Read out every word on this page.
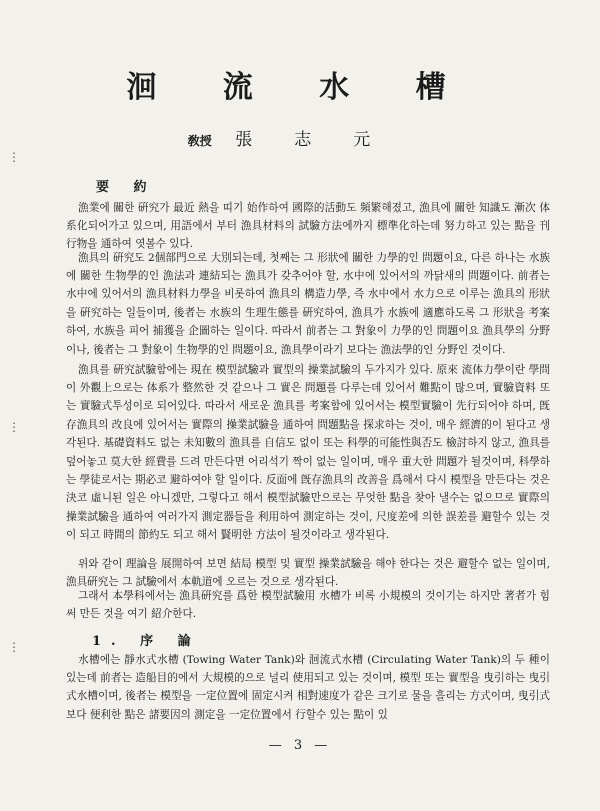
⋮
⋮
⋮
洄 流 水 槽
敎授 張志元
要 約

漁業에 關한 硏究가 最近 熱을 띠기 始作하여 國際的活動도 頻繁해졌고, 漁具에 關한 知識도 漸次 体系化되어가고 있으며, 用語에서 부터 漁具材料의 試驗方法에까지 標準化하는데 努力하고 있는 點을 刊行物을 通하여 엿볼수 있다.

漁具의 硏究도 2個部門으로 大別되는데, 첫째는 그 形狀에 關한 力學的인 問題이요, 다른 하나는 水族에 關한 生物學的인 漁法과 連結되는 漁具가 갖추어야 할, 水中에 있어서의 까닭새의 問題이다. 前者는 水中에 있어서의 漁具材料力學을 비롯하여 漁具의 構造力學, 즉 水中에서 水力으로 이루는 漁具의 形狀을 硏究하는 일들이며, 後者는 水族의 生理生態를 硏究하여, 漁具가 水族에 適應하도록 그 形狀을 考案하여, 水族을 피어 捕獲을 企圖하는 일이다. 따라서 前者는 그 對象이 力學的인 問題이요 漁具學의 分野이나, 後者는 그 對象이 生物學的인 問題이요, 漁具學이라기 보다는 漁法學的인 分野인 것이다.

漁具를 硏究試驗함에는 現在 模型試驗과 實型의 操業試驗의 두가지가 있다. 原來 流体力學이란 學問이 外觀上으로는 体系가 整然한 것 같으나 그 實은 問題를 다루는데 있어서 難點이 많으며, 實驗資料 또는 實驗式투성이로 되어있다. 따라서 새로운 漁具를 考案함에 있어서는 模型實驗이 先行되어야 하며, 旣存漁具의 改良에 있어서는 實際의 操業試驗을 通하여 問題點을 探求하는 것이, 매우 經濟的이 된다고 생각된다. 基礎資料도 없는 未知數의 漁具를 自信도 없이 또는 科學的可能性與否도 檢討하지 않고, 漁具를 덮어놓고 莫大한 經費를 드려 만든다면 어리석기 짝이 없는 일이며, 매우 重大한 問題가 될것이며, 科學하는 學徒로서는 期必코 避하여야 할 일이다. 反面에 旣存漁具의 改善을 爲해서 다시 模型을 만든다는 것은 決코 虛니된 일은 아니겠만, 그렇다고 해서 模型試驗만으로는 무엇한 點을 찾아 낼수는 없으므로 實際의 操業試驗을 通하여 여러가지 測定器들을 利用하여 測定하는 것이, 尺度差에 의한 誤差를 避할수 있는 것이 되고 時間의 節約도 되고 해서 賢明한 方法이 될것이라고 생각된다.

위와 같이 理論을 展開하여 보면 結局 模型 및 實型 操業試驗을 해야 한다는 것은 避할수 없는 일이며, 漁具硏究는 그 試驗에서 本軌道에 오르는 것으로 생각된다.

그래서 本學科에서는 漁具硏究를 爲한 模型試驗用 水槽가 비록 小規模의 것이기는 하지만 著者가 힘써 만든 것을 여기 紹介한다.

1. 序 論

水槽에는 靜水式水槽 (Towing Water Tank)와 洄流式水槽 (Circulating Water Tank)의 두 種이 있는데 前者는 造船目的에서 大規模的으로 널리 使用되고 있는 것이며, 模型 또는 實型을 曳引하는 曳引式水槽이며, 後者는 模型을 一定位置에 固定시켜 相對速度가 같은 크기로 물을 흘리는 方式이며, 曳引式보다 便利한 點은 諸要因의 測定을 一定位置에서 行할수 있는 點이 있

— 3 —
